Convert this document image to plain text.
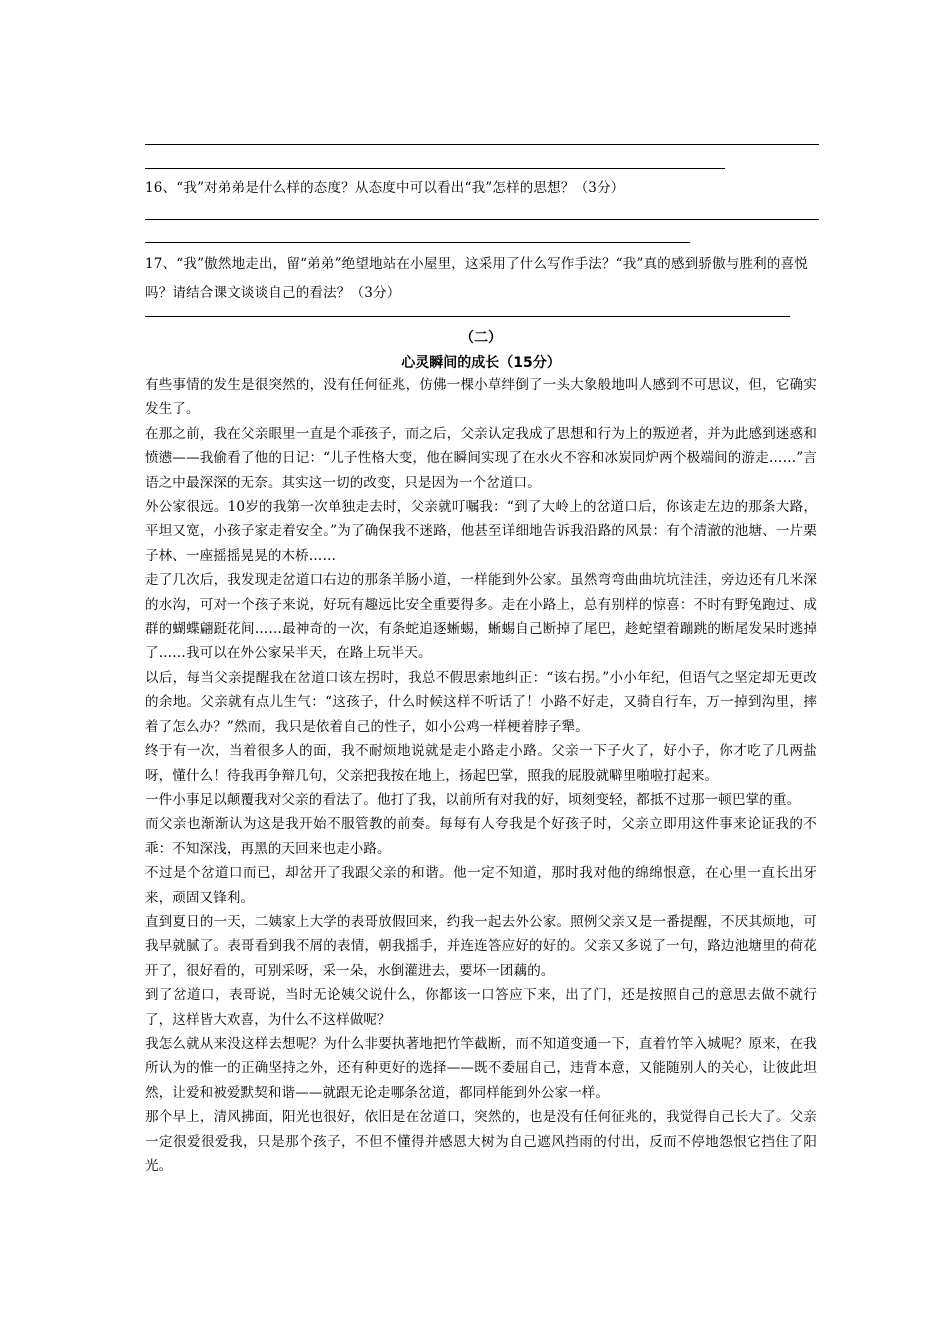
16、“我”对弟弟是什么样的态度？从态度中可以看出“我”怎样的思想？（3分）
17、“我”傲然地走出，留“弟弟”绝望地站在小屋里，这采用了什么写作手法？“我”真的感到骄傲与胜利的喜悦吗？请结合课文谈谈自己的看法？（3分）
（二）
心灵瞬间的成长（15分）

有些事情的发生是很突然的，没有任何征兆，仿佛一棵小草绊倒了一头大象般地叫人感到不可思议，但，它确实发生了。

在那之前，我在父亲眼里一直是个乖孩子，而之后，父亲认定我成了思想和行为上的叛逆者，并为此感到迷惑和愤懑——我偷看了他的日记：“儿子性格大变，他在瞬间实现了在水火不容和冰炭同炉两个极端间的游走……”言语之中最深深的无奈。其实这一切的改变，只是因为一个岔道口。

外公家很远。10岁的我第一次单独走去时，父亲就叮嘱我：“到了大岭上的岔道口后，你该走左边的那条大路，平坦又宽，小孩子家走着安全。”为了确保我不迷路，他甚至详细地告诉我沿路的风景：有个清澈的池塘、一片栗子林、一座摇摇晃晃的木桥……

走了几次后，我发现走岔道口右边的那条羊肠小道，一样能到外公家。虽然弯弯曲曲坑坑洼洼，旁边还有几米深的水沟，可对一个孩子来说，好玩有趣远比安全重要得多。走在小路上，总有别样的惊喜：不时有野兔跑过、成群的蝴蝶翩跹花间……最神奇的一次，有条蛇追逐蜥蜴，蜥蜴自己断掉了尾巴，趁蛇望着蹦跳的断尾发呆时逃掉了……我可以在外公家呆半天，在路上玩半天。

以后，每当父亲提醒我在岔道口该左拐时，我总不假思索地纠正：“该右拐。”小小年纪，但语气之坚定却无更改的余地。父亲就有点儿生气：“这孩子，什么时候这样不听话了！小路不好走，又骑自行车，万一掉到沟里，摔着了怎么办？”然而，我只是依着自己的性子，如小公鸡一样梗着脖子犟。

终于有一次，当着很多人的面，我不耐烦地说就是走小路走小路。父亲一下子火了，好小子，你才吃了几两盐呀，懂什么！待我再争辩几句，父亲把我按在地上，扬起巴掌，照我的屁股就噼里啪啦打起来。

一件小事足以颠覆我对父亲的看法了。他打了我，以前所有对我的好，顷刻变轻，都抵不过那一顿巴掌的重。

而父亲也渐渐认为这是我开始不服管教的前奏。每每有人夸我是个好孩子时，父亲立即用这件事来论证我的不乖：不知深浅，再黑的天回来也走小路。

不过是个岔道口而已，却岔开了我跟父亲的和谐。他一定不知道，那时我对他的绵绵恨意，在心里一直长出牙来，顽固又锋利。

直到夏日的一天，二姨家上大学的表哥放假回来，约我一起去外公家。照例父亲又是一番提醒，不厌其烦地，可我早就腻了。表哥看到我不屑的表情，朝我摇手，并连连答应好的好的。父亲又多说了一句，路边池塘里的荷花开了，很好看的，可别采呀，采一朵，水倒灌进去，要坏一团藕的。

到了岔道口，表哥说，当时无论姨父说什么，你都该一口答应下来，出了门，还是按照自己的意思去做不就行了，这样皆大欢喜，为什么不这样做呢？

我怎么就从来没这样去想呢？为什么非要执著地把竹竿截断，而不知道变通一下，直着竹竿入城呢？原来，在我所认为的惟一的正确坚持之外，还有种更好的选择——既不委屈自己，违背本意，又能随别人的关心，让彼此坦然，让爱和被爱默契和谐——就跟无论走哪条岔道，都同样能到外公家一样。

那个早上，清风拂面，阳光也很好，依旧是在岔道口，突然的，也是没有任何征兆的，我觉得自己长大了。父亲一定很爱很爱我，只是那个孩子，不但不懂得并感恩大树为自己遮风挡雨的付出，反而不停地怨恨它挡住了阳光。
